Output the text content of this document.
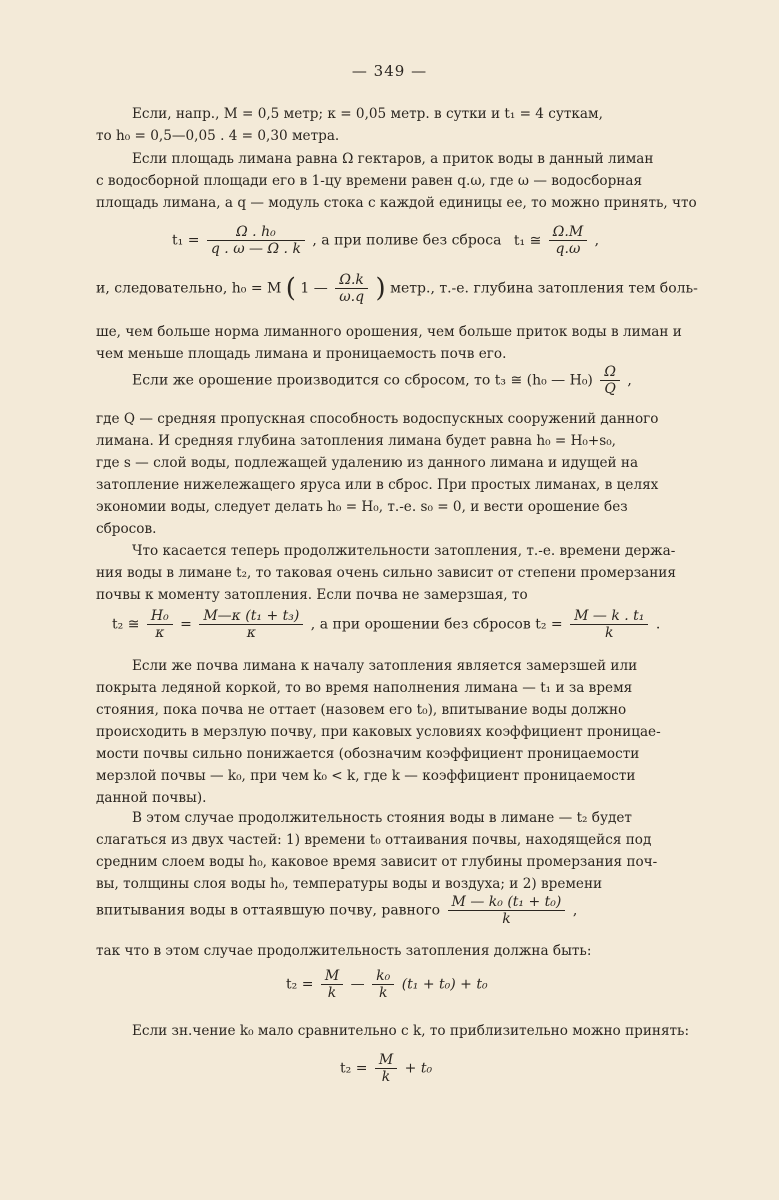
— 349 —
Если, напр., M = 0,5 метр; κ = 0,05 метр. в сутки и t₁ = 4 суткам,
то h₀ = 0,5—0,05 . 4 = 0,30 метра.
Если площадь лимана равна Ω гектаров, а приток воды в данный лиман
с водосборной площади его в 1-цу времени равен q.ω, где ω — водосборная
площадь лимана, а q — модуль стока с каждой единицы ее, то можно принять, что
$t_1 = \frac{\text{Ω . h₀}}{q . \omega — \Omega . k}$ , а при поливе без сброса t₁ ≅ $\frac{\Omega.M}{q.\omega}$ ,
и, следовательно, h₀ = M ( 1 — $\frac{\Omega.k}{\omega.q}$ ) метр., т.-е. глубина затопления тем боль-
ше, чем больше норма лиманного орошения, чем больше приток воды в лиман и
чем меньше площадь лимана и проницаемость почв его.
Если же орошение производится со сбросом, то t₃ ≅ (h₀ — $H_0) \frac{\Omega}{Q}$ ,
где Q — средняя пропускная способность водоспускных сооружений данного
лимана. И средняя глубина затопления лимана будет равна h₀ = H₀+s₀,
где s — слой воды, подлежащей удалению из данного лимана и идущей на
затопление нижележащего яруса или в сброс. При простых лиманах, в целях
экономии воды, следует делать h₀ = H₀, т.-е. s₀ = 0, и вести орошение без
сбросов.
Что касается теперь продолжительности затопления, т.-е. времени держа-
ния воды в лимане t₂, то таковая очень сильно зависит от степени промерзания
почвы к моменту затопления. Если почва не замерзшая, то
t₂ ≅ $\frac{\text{H₀}}{\kappa} = \frac{\text{M—κ (t₁ + t₃)}}{\kappa}$ , а при орошении без сбросов $t_2 = \frac{\text{M — k . t₁}}{k}$ .
Если же почва лимана к началу затопления является замерзшей или
покрыта ледяной коркой, то во время наполнения лимана — t₁ и за время
стояния, пока почва не оттает (назовем его t₀), впитывание воды должно
происходить в мерзлую почву, при каковых условиях коэффициент проницае-
мости почвы сильно понижается (обозначим коэффициент проницаемости
мерзлой почвы — k₀, при чем k₀ < k, где k — коэффициент проницаемости
данной почвы).
В этом случае продолжительность стояния воды в лимане — t₂ будет
слагаться из двух частей: 1) времени t₀ оттаивания почвы, находящейся под
средним слоем воды h₀, каковое время зависит от глубины промерзания поч-
вы, толщины слоя воды h₀, температуры воды и воздуха; и 2) времени
впитывания воды в оттаявшую почву, равного $\frac{\text{M — k₀ (t₁ + t₀)}}{k}$ ,
так что в этом случае продолжительность затопления должна быть:
$t_2 = \frac{M}{k}$ — $\frac{\text{k₀}}{k} (t_1 + t_0) + t_0$
Если зн.чение k₀ мало сравнительно с k, то приблизительно можно принять:
$t_2 = \frac{M}{k} + t_0$
